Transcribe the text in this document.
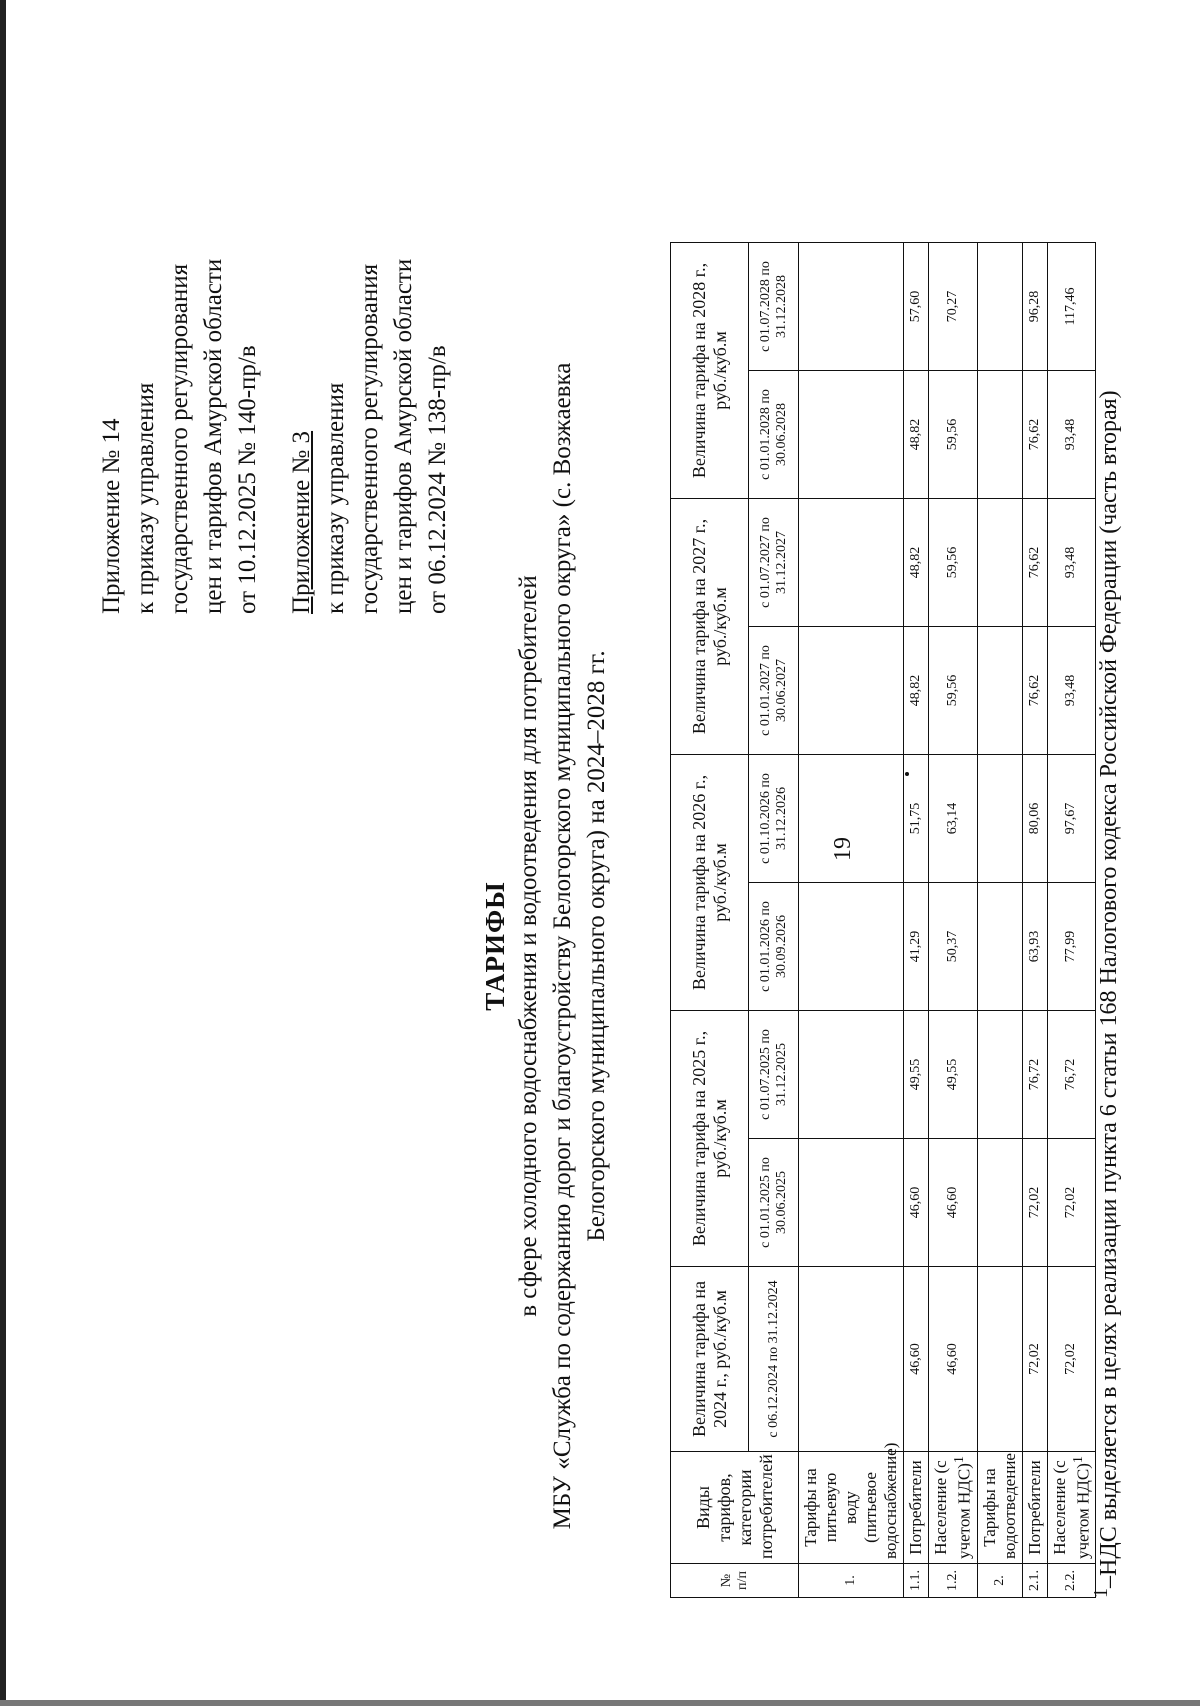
19
Приложение № 14 к приказу управления государственного регулирования цен и тарифов Амурской области от 10.12.2025 № 140-пр/в Приложение № 3 к приказу управления государственного регулирования цен и тарифов Амурской области от 06.12.2024 № 138-пр/в
ТАРИФЫ в сфере холодного водоснабжения и водоотведения для потребителей МБУ «Служба по содержанию дорог и благоустройству Белогорского муниципального округа» (с. Возжаевка Белогорского муниципального округа) на 2024–2028 гг.
№ п/п	Виды тарифов, категории потребителей	Величина тарифа на 2024 г., руб./куб.м	Величина тарифа на 2025 г., руб./куб.м		Величина тарифа на 2026 г., руб./куб.м		Величина тарифа на 2027 г., руб./куб.м		Величина тарифа на 2028 г., руб./куб.м	
		с 06.12.2024 по 31.12.2024	с 01.01.2025 по 30.06.2025	с 01.07.2025 по 31.12.2025	с 01.01.2026 по 30.09.2026	с 01.10.2026 по 31.12.2026	с 01.01.2027 по 30.06.2027	с 01.07.2027 по 31.12.2027	с 01.01.2028 по 30.06.2028	с 01.07.2028 по 31.12.2028
1.	Тарифы на питьевую воду (питьевое водоснабжение)									
1.1.	Потребители	46,60	46,60	49,55	41,29	51,75	48,82	48,82	48,82	57,60
1.2.	Население (с учетом НДС)$^1$	46,60	46,60	49,55	50,37	63,14	59,56	59,56	59,56	70,27
2.	Тарифы на водоотведение									
2.1.	Потребители	72,02	72,02	76,72	63,93	80,06	76,62	76,62	76,62	96,28
2.2.	Население (с учетом НДС)$^1$	72,02	72,02	76,72	77,99	97,67	93,48	93,48	93,48	117,46
$^1$–НДС выделяется в целях реализации пункта 6 статьи 168 Налогового кодекса Российской Федерации (часть вторая)
